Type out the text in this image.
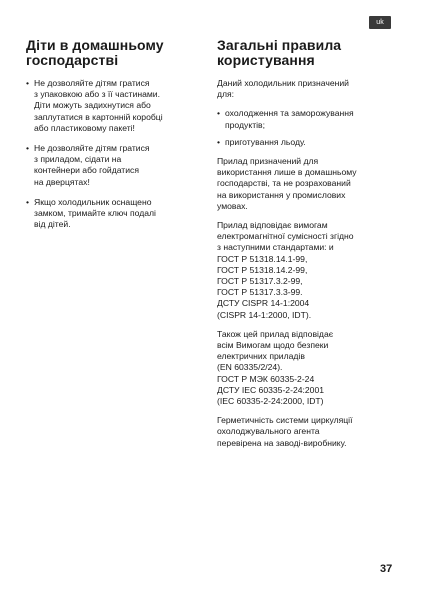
uk
Діти в домашньому
господарстві
• Не дозволяйте дітям гратися
з упаковкою або з її частинами.
Діти можуть задихнутися або
заплутатися в картонній коробці
або пластиковому пакеті!
• Не дозволяйте дітям гратися
з приладом, сідати на
контейнери або гойдатися
на дверцятах!
• Якщо холодильник оснащено
замком, тримайте ключ подалі
від дітей.
Загальні правила
користування

Даний холодильник призначений
для:

• охолодження та заморожування
продуктів;
• приготування льоду.

Прилад призначений для
використання лише в домашньому
господарстві, та не розрахований
на використання у промислових
умовах.

Прилад відповідає вимогам
електромагнітної сумісності згідно
з наступними стандартами: и
ГОСТ Р 51318.14.1-99,
ГОСТ Р 51318.14.2-99,
ГОСТ Р 51317.3.2-99,
ГОСТ Р 51317.3.3-99.
ДСТУ CISPR 14-1:2004
(CISPR 14-1:2000, IDT).

Також цей прилад відповідає
всім Вимогам щодо безпеки
електричних приладів
(EN 60335/2/24).
ГОСТ Р МЭК 60335-2-24
ДСТУ IEC 60335-2-24:2001
(IEC 60335-2-24:2000, IDT)

Герметичність системи циркуляції
охолоджувального агента
перевірена на заводі-виробнику.

37
